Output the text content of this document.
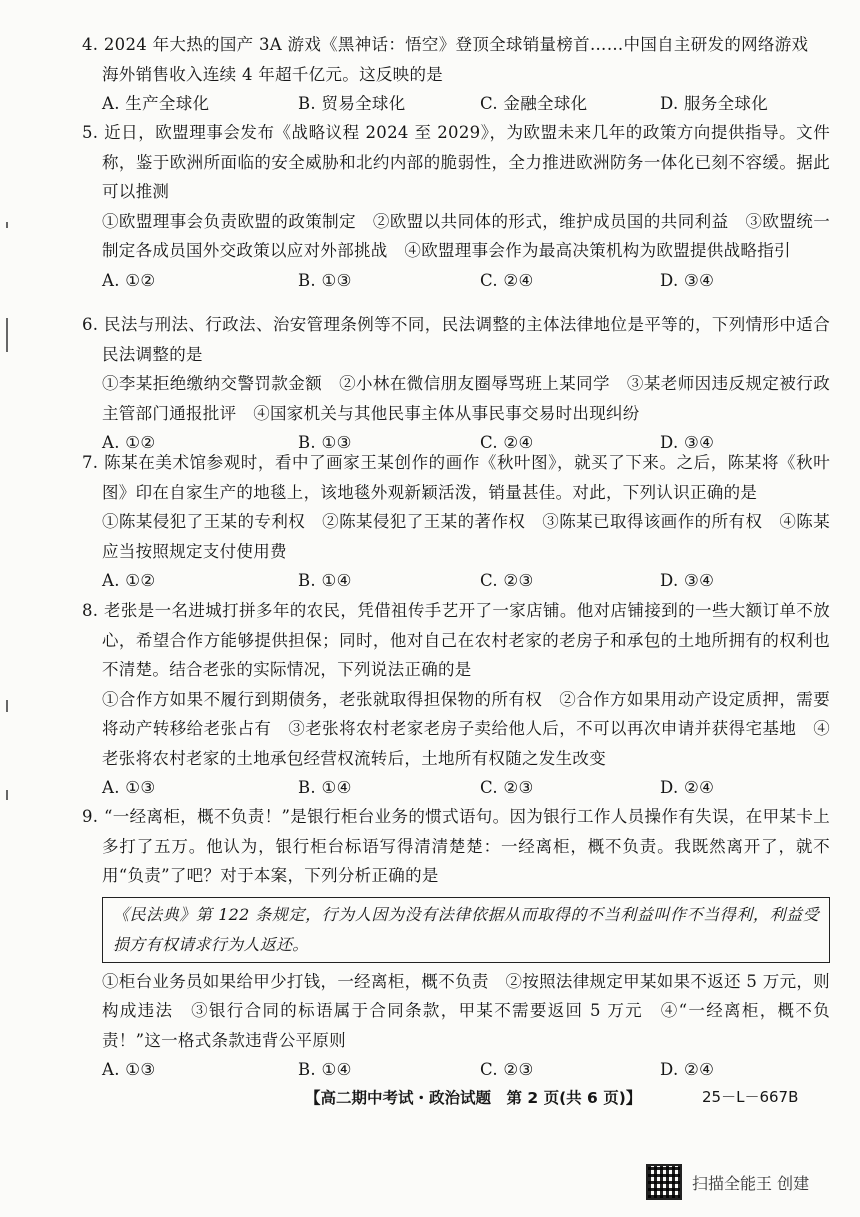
4. 2024 年大热的国产 3A 游戏《黑神话：悟空》登顶全球销量榜首……中国自主研发的网络游戏

海外销售收入连续 4 年超千亿元。这反映的是

A. 生产全球化	B. 贸易全球化	C. 金融全球化	D. 服务全球化

5. 近日，欧盟理事会发布《战略议程 2024 至 2029》，为欧盟未来几年的政策方向提供指导。文件称，鉴于欧洲所面临的安全威胁和北约内部的脆弱性，全力推进欧洲防务一体化已刻不容缓。据此可以推测

①欧盟理事会负责欧盟的政策制定　②欧盟以共同体的形式，维护成员国的共同利益　③欧盟统一制定各成员国外交政策以应对外部挑战　④欧盟理事会作为最高决策机构为欧盟提供战略指引

A. ①②	B. ①③	C. ②④	D. ③④

6. 民法与刑法、行政法、治安管理条例等不同，民法调整的主体法律地位是平等的，下列情形中适合民法调整的是

①李某拒绝缴纳交警罚款金额　②小林在微信朋友圈辱骂班上某同学　③某老师因违反规定被行政主管部门通报批评　④国家机关与其他民事主体从事民事交易时出现纠纷

A. ①②	B. ①③	C. ②④	D. ③④

7. 陈某在美术馆参观时，看中了画家王某创作的画作《秋叶图》，就买了下来。之后，陈某将《秋叶图》印在自家生产的地毯上，该地毯外观新颖活泼，销量甚佳。对此，下列认识正确的是

①陈某侵犯了王某的专利权　②陈某侵犯了王某的著作权　③陈某已取得该画作的所有权　④陈某应当按照规定支付使用费

A. ①②	B. ①④	C. ②③	D. ③④

8. 老张是一名进城打拼多年的农民，凭借祖传手艺开了一家店铺。他对店铺接到的一些大额订单不放心，希望合作方能够提供担保；同时，他对自己在农村老家的老房子和承包的土地所拥有的权利也不清楚。结合老张的实际情况，下列说法正确的是

①合作方如果不履行到期债务，老张就取得担保物的所有权　②合作方如果用动产设定质押，需要将动产转移给老张占有　③老张将农村老家老房子卖给他人后，不可以再次申请并获得宅基地　④老张将农村老家的土地承包经营权流转后，土地所有权随之发生改变

A. ①③	B. ①④	C. ②③	D. ②④

9. “一经离柜，概不负责！”是银行柜台业务的惯式语句。因为银行工作人员操作有失误，在甲某卡上多打了五万。他认为，银行柜台标语写得清清楚楚：一经离柜，概不负责。我既然离开了，就不用“负责”了吧？对于本案，下列分析正确的是

《民法典》第 122 条规定，行为人因为没有法律依据从而取得的不当利益叫作不当得利，利益受损方有权请求行为人返还。

①柜台业务员如果给甲少打钱，一经离柜，概不负责　②按照法律规定甲某如果不返还 5 万元，则构成违法　③银行合同的标语属于合同条款，甲某不需要返回 5 万元　④“一经离柜，概不负责！”这一格式条款违背公平原则

A. ①③	B. ①④	C. ②③	D. ②④
【高二期中考试・政治试题　第 2 页(共 6 页)】	25－L－667B
扫描全能王 创建
